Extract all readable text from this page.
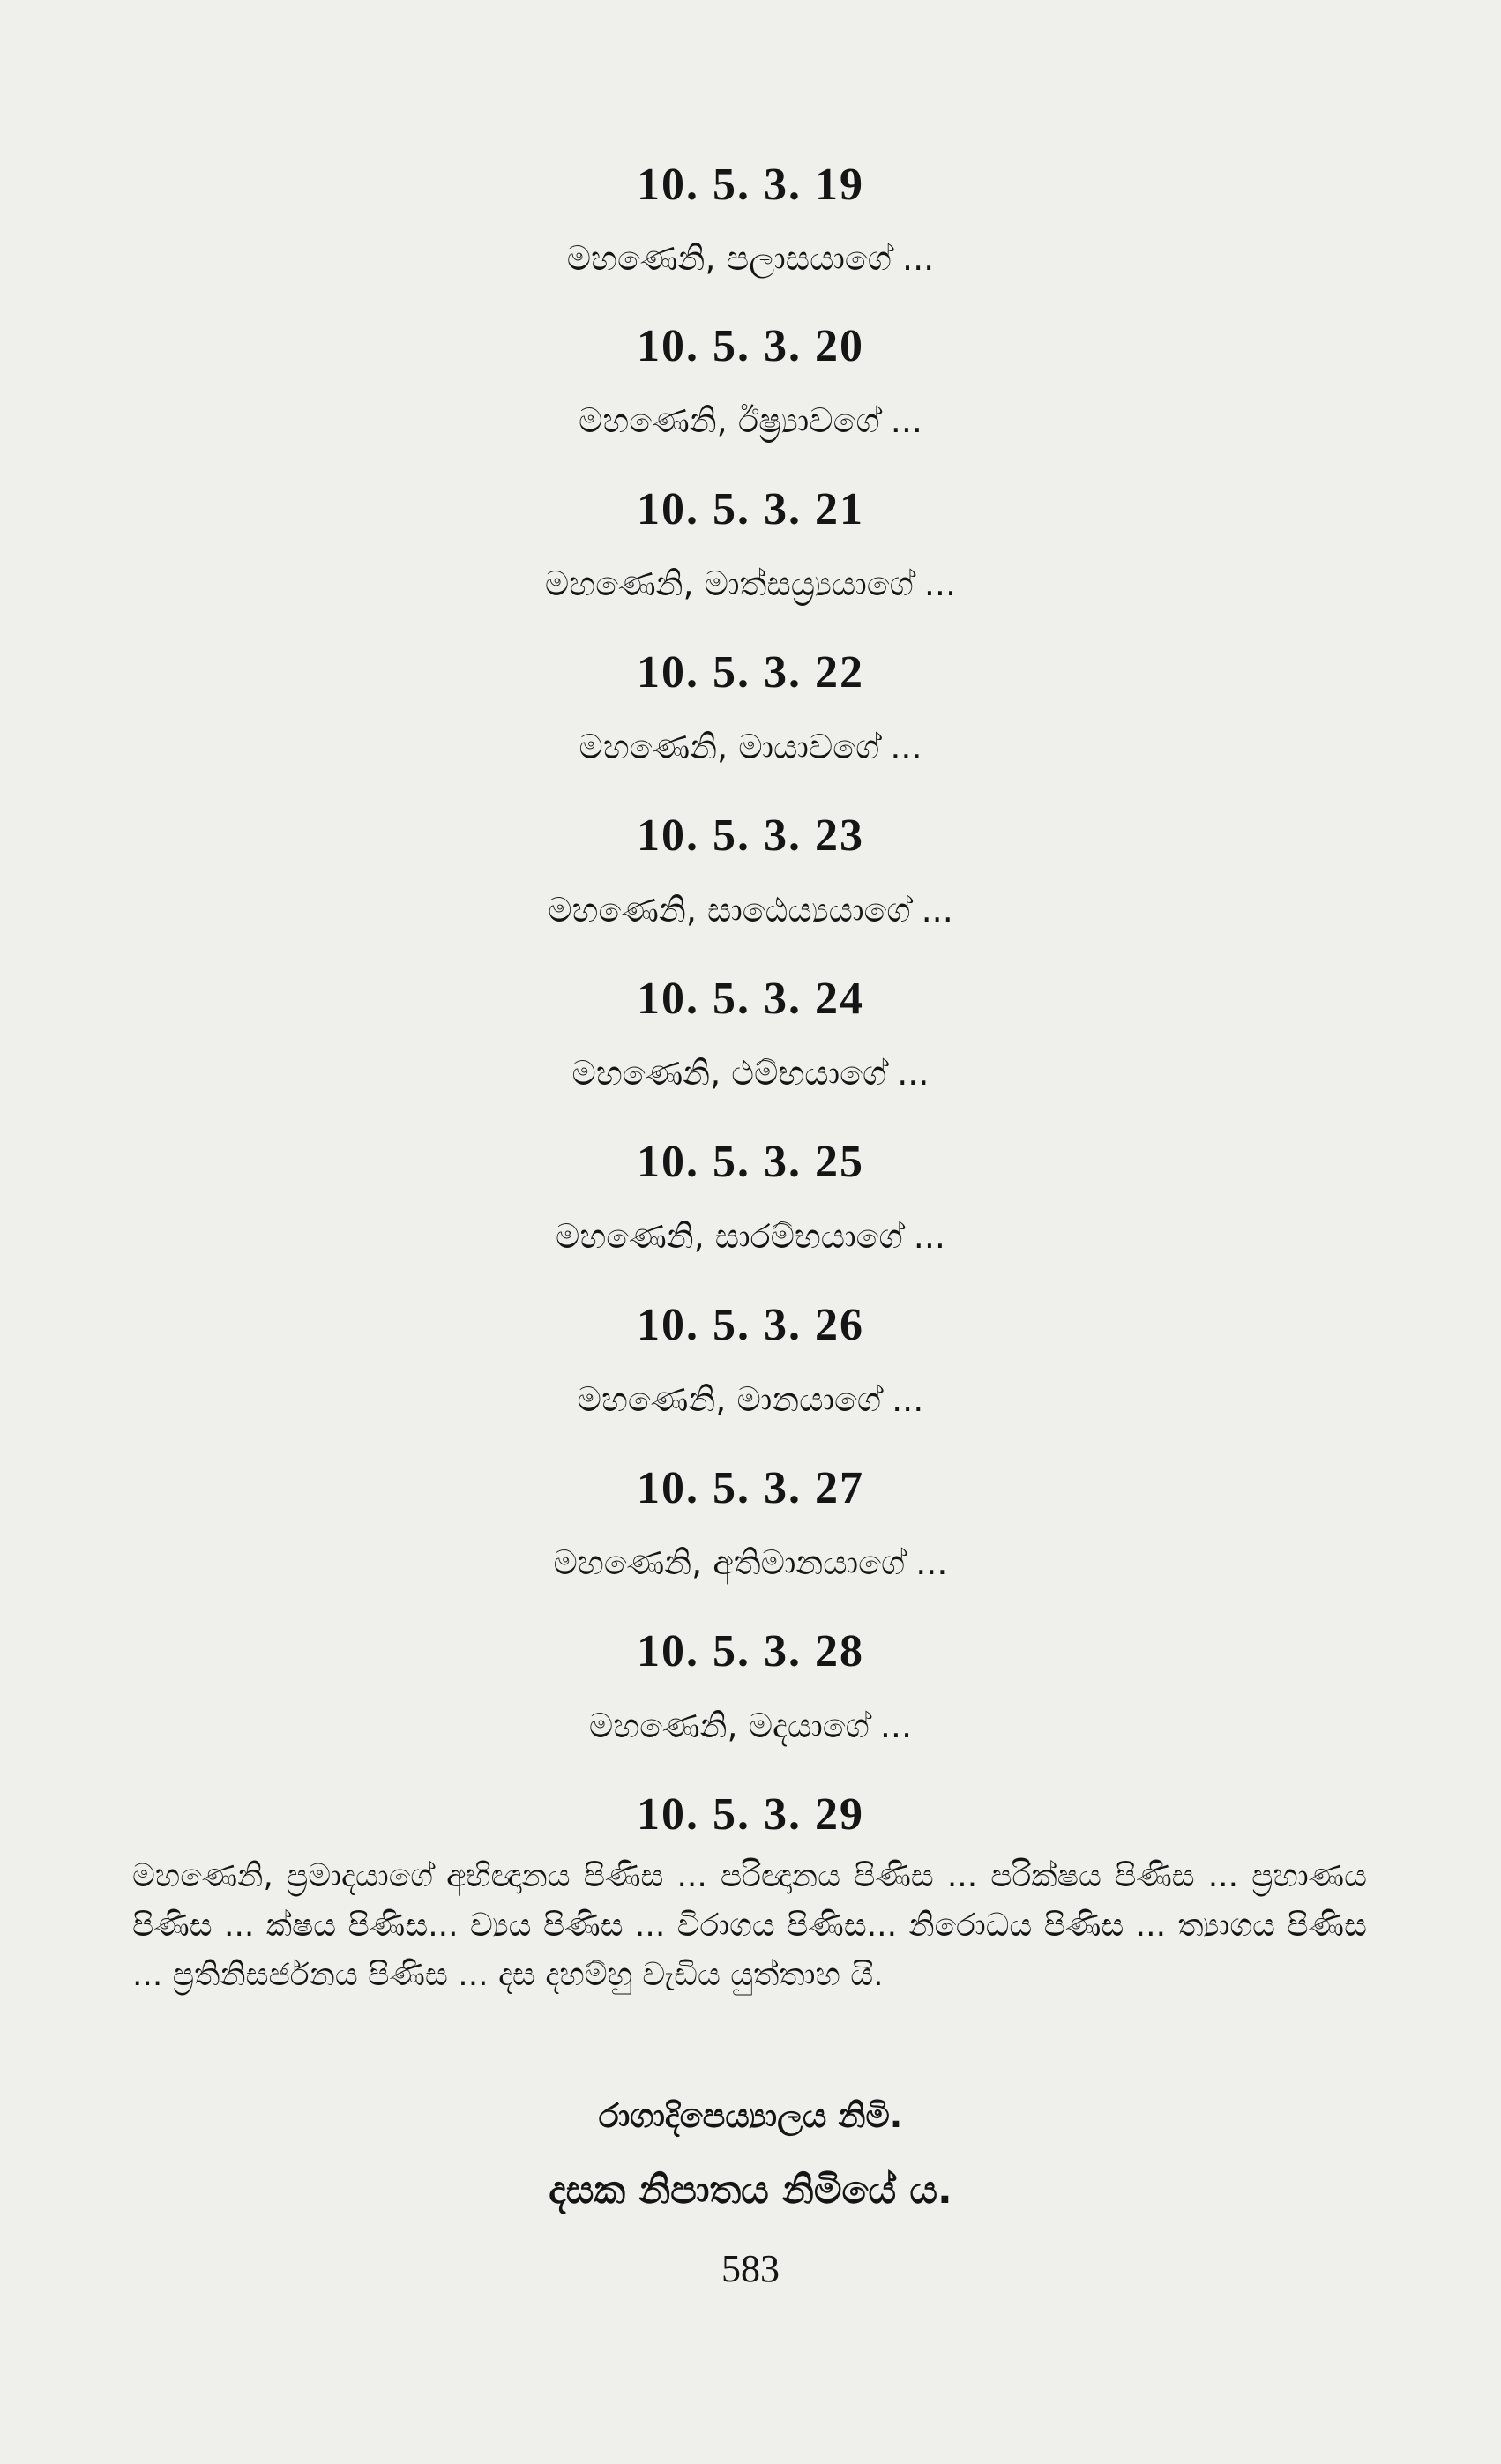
10. 5. 3. 19
මහණෙනි, පලාසයාගේ ...
10. 5. 3. 20
මහණෙනි, ඊෂ්‍ර්‍යාවගේ ...
10. 5. 3. 21
මහණෙනි, මාත්සය්‍ර්‍යයාගේ ...
10. 5. 3. 22
මහණෙනි, මායාවගේ ...
10. 5. 3. 23
මහණෙනි, සාඨෙය්‍යයාගේ ...
10. 5. 3. 24
මහණෙනි, ථම්භයාගේ ...
10. 5. 3. 25
මහණෙනි, සාරම්භයාගේ ...
10. 5. 3. 26
මහණෙනි, මානයාගේ ...
10. 5. 3. 27
මහණෙනි, අතිමානයාගේ ...
10. 5. 3. 28
මහණෙනි, මදයාගේ ...
10. 5. 3. 29

මහණෙනි, ප්‍රමාදයාගේ අභිඥානය පිණිස ... පරිඥානය පිණිස ... පරික්ෂය පිණිස ... ප්‍රහාණය පිණිස ... ක්ෂය පිණිස... ව්‍යය පිණිස ... විරාගය පිණිස... නිරොධය පිණිස ... ත්‍යාගය පිණිස ... ප්‍රතිනිසර්ජනය පිණිස ... දස දහම්හු වැඩිය යුත්තාහ යි.

රාගාදිපෙය්‍යාලය නිමි.
දසක නිපාතය නිමියේ ය.
583
